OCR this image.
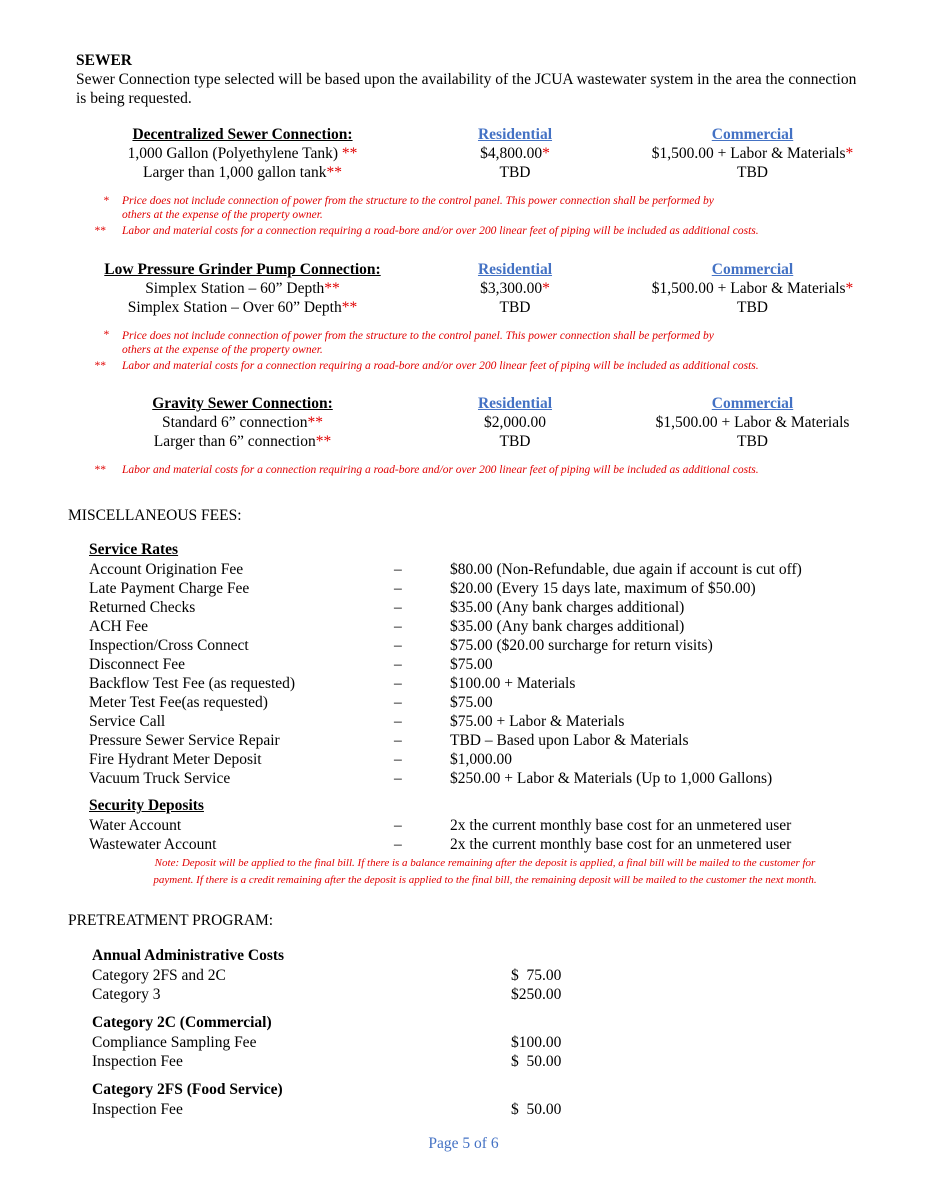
SEWER
Sewer Connection type selected will be based upon the availability of the JCUA wastewater system in the area the connection is being requested.
Decentralized Sewer Connection:	Residential	Commercial
1,000 Gallon (Polyethylene Tank) **	$4,800.00*	$1,500.00 + Labor & Materials*
Larger than 1,000 gallon tank**	TBD	TBD
* Price does not include connection of power from the structure to the control panel. This power connection shall be performed by
others at the expense of the property owner.
** Labor and material costs for a connection requiring a road-bore and/or over 200 linear feet of piping will be included as additional costs.
Low Pressure Grinder Pump Connection:	Residential	Commercial
Simplex Station – 60” Depth**	$3,300.00*	$1,500.00 + Labor & Materials*
Simplex Station – Over 60” Depth**	TBD	TBD
* Price does not include connection of power from the structure to the control panel. This power connection shall be performed by
others at the expense of the property owner.
** Labor and material costs for a connection requiring a road-bore and/or over 200 linear feet of piping will be included as additional costs.
Gravity Sewer Connection:	Residential	Commercial
Standard 6” connection**	$2,000.00	$1,500.00 + Labor & Materials
Larger than 6” connection**	TBD	TBD
** Labor and material costs for a connection requiring a road-bore and/or over 200 linear feet of piping will be included as additional costs.
MISCELLANEOUS FEES:
Service Rates
Account Origination Fee	–	$80.00 (Non-Refundable, due again if account is cut off)
Late Payment Charge Fee	–	$20.00 (Every 15 days late, maximum of $50.00)
Returned Checks	–	$35.00 (Any bank charges additional)
ACH Fee	–	$35.00 (Any bank charges additional)
Inspection/Cross Connect	–	$75.00 ($20.00 surcharge for return visits)
Disconnect Fee	–	$75.00
Backflow Test Fee (as requested)	–	$100.00 + Materials
Meter Test Fee(as requested)	–	$75.00
Service Call	–	$75.00 + Labor & Materials
Pressure Sewer Service Repair	–	TBD – Based upon Labor & Materials
Fire Hydrant Meter Deposit	–	$1,000.00
Vacuum Truck Service	–	$250.00 + Labor & Materials (Up to 1,000 Gallons)
Security Deposits
Water Account	–	2x the current monthly base cost for an unmetered user
Wastewater Account	–	2x the current monthly base cost for an unmetered user
Note: Deposit will be applied to the final bill. If there is a balance remaining after the deposit is applied, a final bill will be mailed to the customer for
payment. If there is a credit remaining after the deposit is applied to the final bill, the remaining deposit will be mailed to the customer the next month.
PRETREATMENT PROGRAM:
Annual Administrative Costs
Category 2FS and 2C	$  75.00
Category 3	$250.00
Category 2C (Commercial)
Compliance Sampling Fee	$100.00
Inspection Fee	$  50.00
Category 2FS (Food Service)
Inspection Fee	$  50.00
Page 5 of 6
